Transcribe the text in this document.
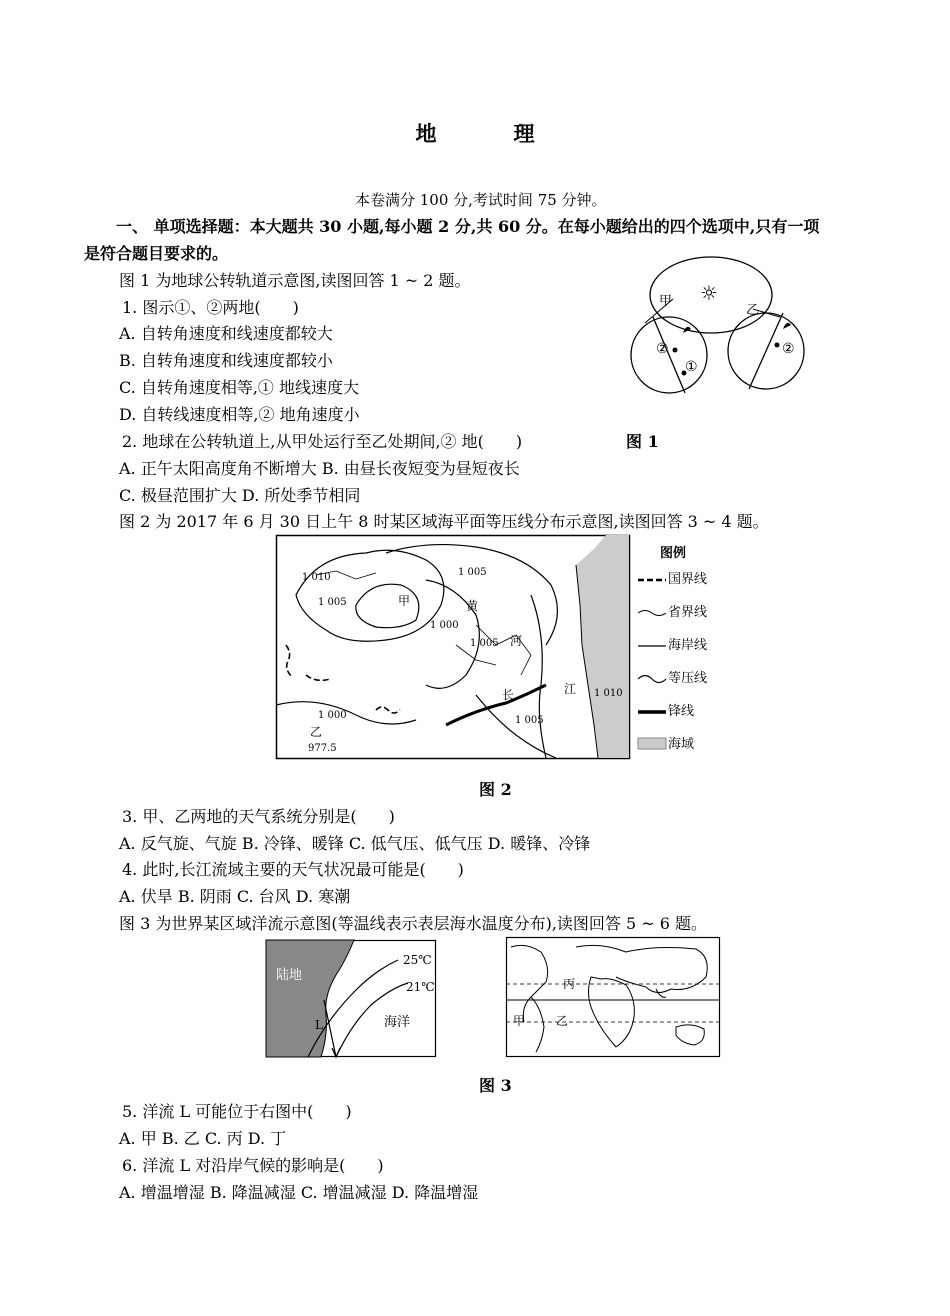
地　理
本卷满分 100 分,考试时间 75 分钟。
一、 单项选择题：本大题共 30 小题,每小题 2 分,共 60 分。在每小题给出的四个选项中,只有一项
是符合题目要求的。
图 1 为地球公转轨道示意图,读图回答 1 ~ 2 题。
1. 图示①、②两地(　　)
A. 自转角速度和线速度都较大
B. 自转角速度和线速度都较小
C. 自转角速度相等,① 地线速度大
D. 自转线速度相等,② 地角速度小
2. 地球在公转轨道上,从甲处运行至乙处期间,② 地(　　)
A. 正午太阳高度角不断增大 B. 由昼长夜短变为昼短夜长
C. 极昼范围扩大 D. 所处季节相同
☼
甲
乙
②
①
②
图 1
图 2 为 2017 年 6 月 30 日上午 8 时某区域海平面等压线分布示意图,读图回答 3 ~ 4 题。
1 010
1 005
1 005
1 000
1 005
1 010
1 000	1 005
977.5
甲
乙
黄
河
长	江
图例
国界线
省界线
海岸线
等压线
锋线
海域
图 2
3. 甲、乙两地的天气系统分别是(　　)
A. 反气旋、气旋 B. 冷锋、暖锋 C. 低气压、低气压 D. 暖锋、冷锋
4. 此时,长江流域主要的天气状况最可能是(　　)
A. 伏旱 B. 阴雨 C. 台风 D. 寒潮
图 3 为世界某区域洋流示意图(等温线表示表层海水温度分布),读图回答 5 ~ 6 题。
陆地
海洋
L
25℃
21℃	丙
甲	乙
图 3
5. 洋流 L 可能位于右图中(　　)
A. 甲 B. 乙 C. 丙 D. 丁
6. 洋流 L 对沿岸气候的影响是(　　)
A. 增温增湿 B. 降温减湿 C. 增温减湿 D. 降温增湿
